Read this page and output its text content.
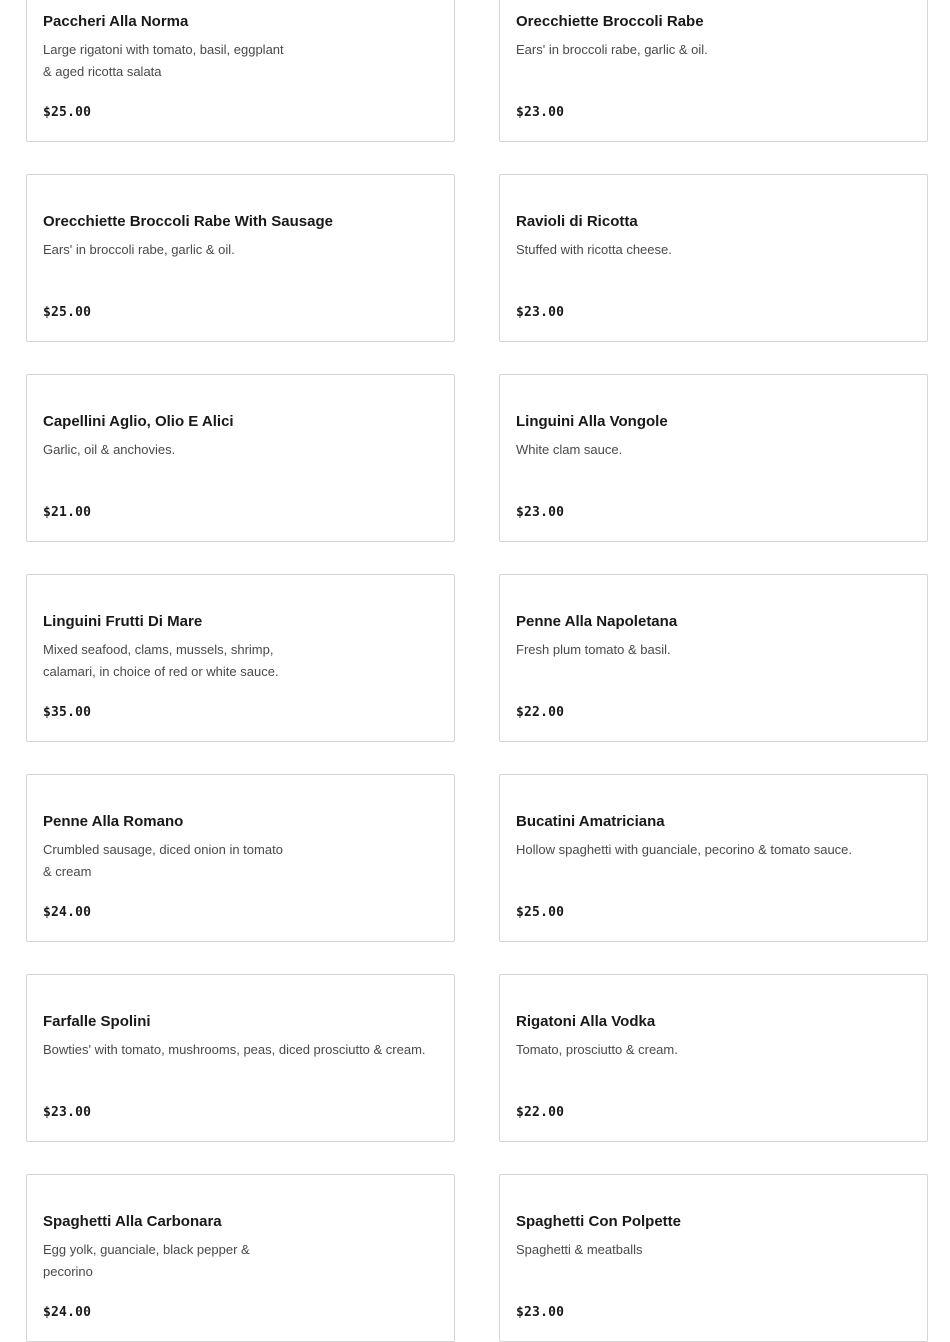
Paccheri Alla Norma
Large rigatoni with tomato, basil, eggplant & aged ricotta salata
$25.00
Orecchiette Broccoli Rabe
Ears' in broccoli rabe, garlic & oil.
$23.00
Orecchiette Broccoli Rabe With Sausage
Ears' in broccoli rabe, garlic & oil.
$25.00
Ravioli di Ricotta
Stuffed with ricotta cheese.
$23.00
Capellini Aglio, Olio E Alici
Garlic, oil & anchovies.
$21.00
Linguini Alla Vongole
White clam sauce.
$23.00
Linguini Frutti Di Mare
Mixed seafood, clams, mussels, shrimp, calamari, in choice of red or white sauce.
$35.00
Penne Alla Napoletana
Fresh plum tomato & basil.
$22.00
Penne Alla Romano
Crumbled sausage, diced onion in tomato & cream
$24.00
Bucatini Amatriciana
Hollow spaghetti with guanciale, pecorino & tomato sauce.
$25.00
Farfalle Spolini
Bowties' with tomato, mushrooms, peas, diced prosciutto & cream.
$23.00
Rigatoni Alla Vodka
Tomato, prosciutto & cream.
$22.00
Spaghetti Alla Carbonara
Egg yolk, guanciale, black pepper & pecorino
$24.00
Spaghetti Con Polpette
Spaghetti & meatballs
$23.00
